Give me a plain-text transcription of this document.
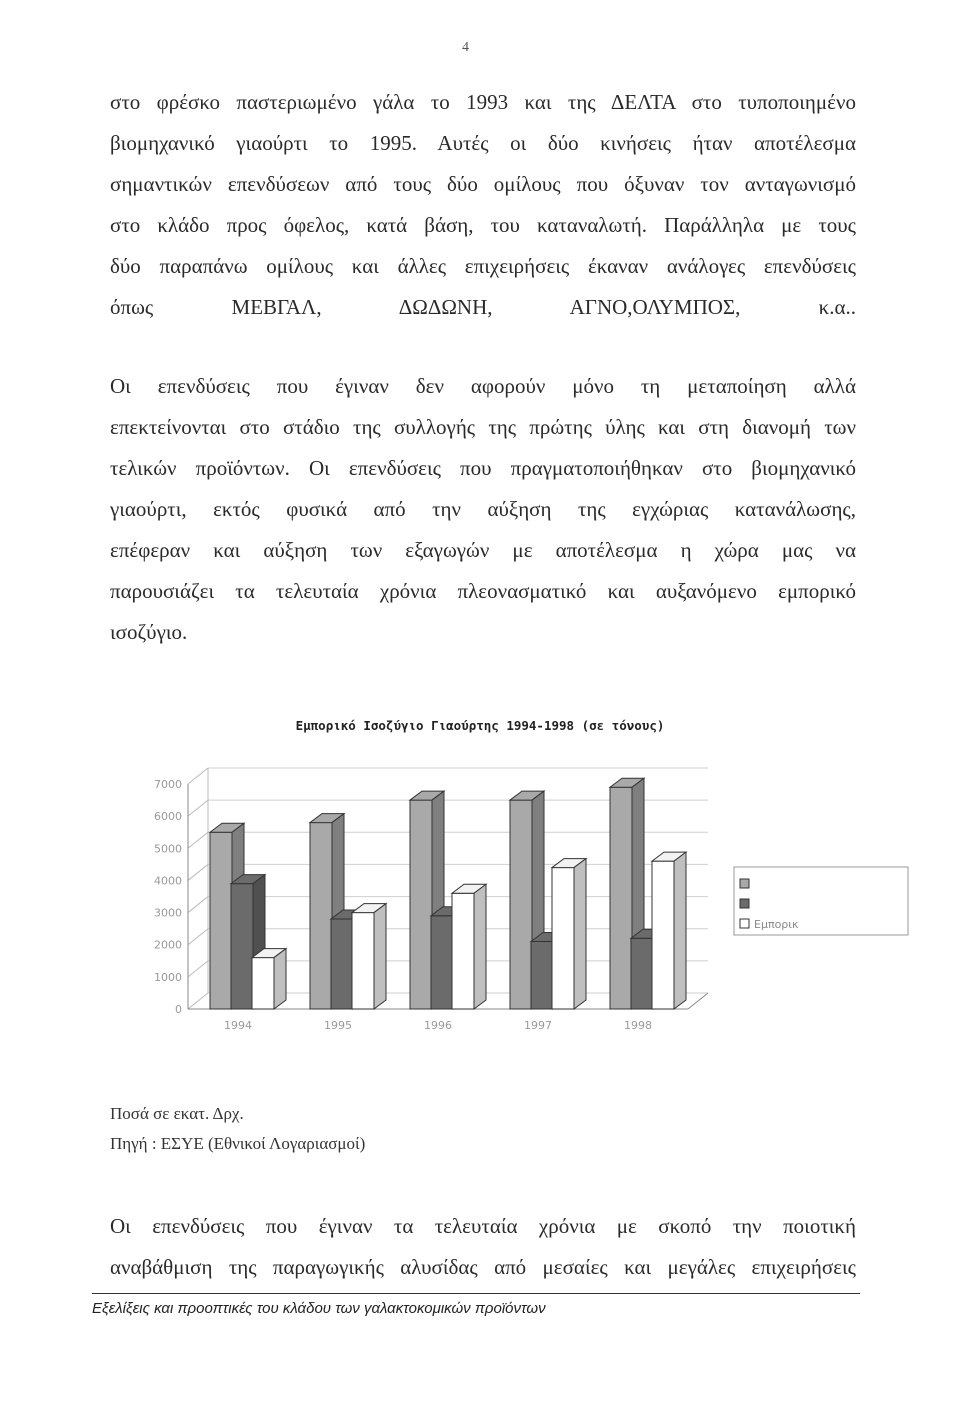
4
στο φρέσκο παστεριωμένο γάλα το 1993 και της ΔΕΛΤΑ στο τυποποιημένο
βιομηχανικό γιαούρτι το 1995. Αυτές οι δύο κινήσεις ήταν αποτέλεσμα
σημαντικών επενδύσεων από τους δύο ομίλους που όξυναν τον ανταγωνισμό
στο κλάδο προς όφελος, κατά βάση, του καταναλωτή. Παράλληλα με τους
δύο παραπάνω ομίλους και άλλες επιχειρήσεις έκαναν ανάλογες επενδύσεις
όπως ΜΕΒΓΑΛ, ΔΩΔΩΝΗ, ΑΓΝΟ,ΟΛΥΜΠΟΣ, κ.α..
Οι επενδύσεις που έγιναν δεν αφορούν μόνο τη μεταποίηση αλλά
επεκτείνονται στο στάδιο της συλλογής της πρώτης ύλης και στη διανομή των
τελικών προϊόντων. Οι επενδύσεις που πραγματοποιήθηκαν στο βιομηχανικό
γιαούρτι, εκτός φυσικά από την αύξηση της εγχώριας κατανάλωσης,
επέφεραν και αύξηση των εξαγωγών με αποτέλεσμα η χώρα μας να
παρουσιάζει τα τελευταία χρόνια πλεονασματικό και αυξανόμενο εμπορικό
ισοζύγιο.
Εμπορικό Ισοζύγιο Γιαούρτης 1994-1998 (σε τόνους)
0
1000
2000
3000
4000
5000
6000
7000
1994	1995	1996	1997	1998
Εμπορικ

Ποσά σε εκατ. Δρχ.

Πηγή : ΕΣΥΕ (Εθνικοί Λογαριασμοί)

Οι επενδύσεις που έγιναν τα τελευταία χρόνια με σκοπό την ποιοτική
αναβάθμιση της παραγωγικής αλυσίδας από μεσαίες και μεγάλες επιχειρήσεις
Εξελίξεις και προοπτικές του κλάδου των γαλακτοκομικών προϊόντων
